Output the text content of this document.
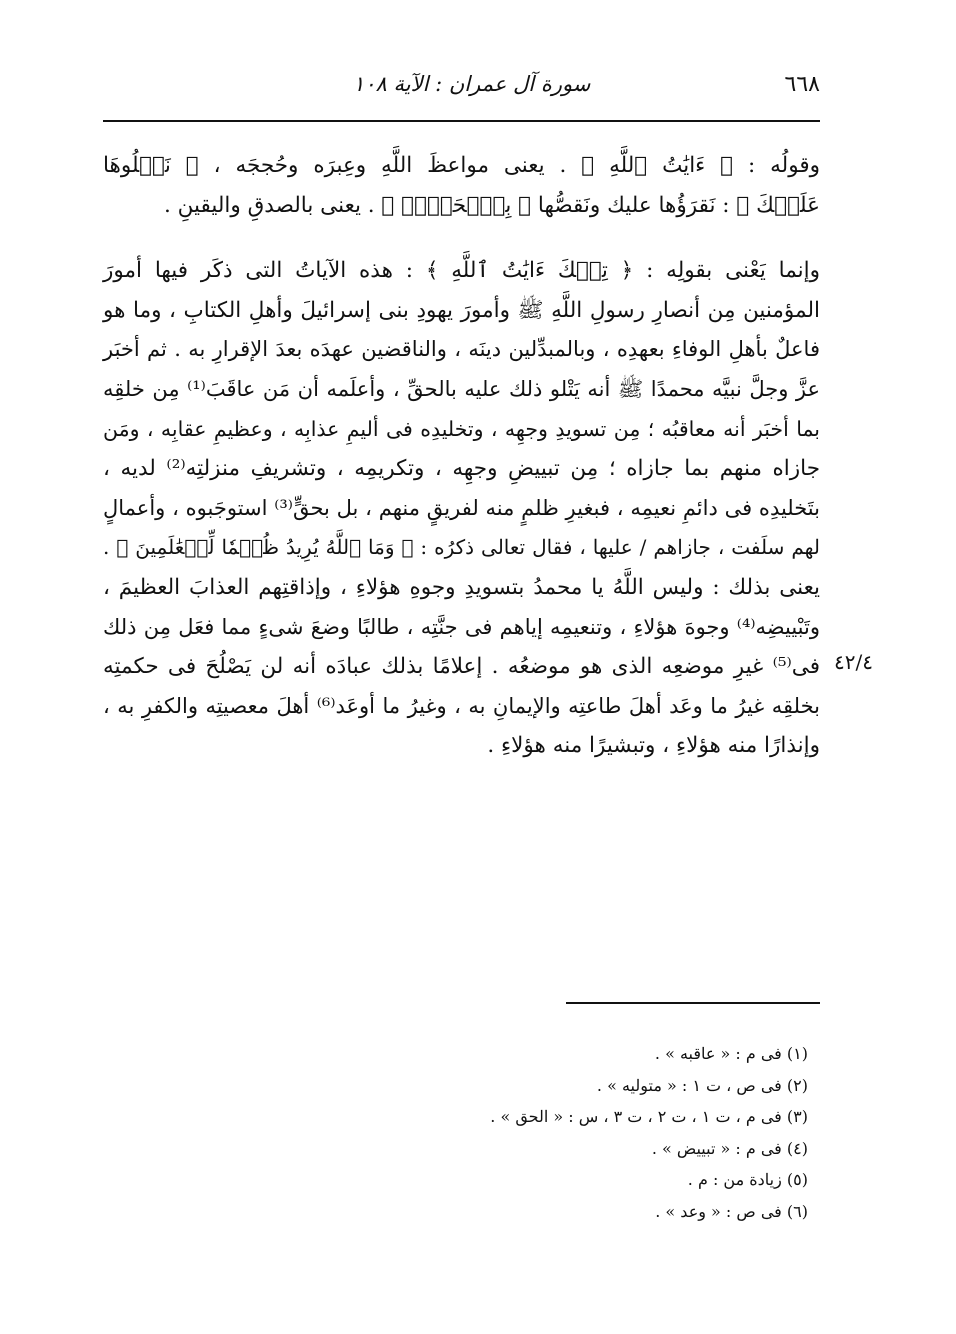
٦٦٨
سورة آل عمران : الآية ١٠٨

وقولُه : ﴿ ءَايَٰتُ ٱللَّهِ ﴾ . يعنى مواعظَ اللَّهِ وعِبرَه وحُججَه ، ﴿ نَتۡلُوهَا
عَلَيۡكَ ﴾ : نَقرَؤُها عليك ونَقصُّها ﴿ بِٱلۡحَقِّۗ ﴾ . يعنى بالصدقِ واليقينِ .

وإنما يَعْنى بقولِه : ﴿ تِلۡكَ ءَايَٰتُ ٱللَّهِ ﴾ : هذه الآياتُ التى ذكَر فيها أمورَ
المؤمنين مِن أنصارِ رسولِ اللَّهِ ﷺ وأمورَ يهودِ بنى إسرائيلَ وأهلِ الكتابِ ، وما هو
فاعلٌ بأهلِ الوفاءِ بعهدِه ، وبالمبدِّلين دينَه ، والناقضين عهدَه بعدَ الإقرارِ به . ثم أخبَر
عزَّ وجلَّ نبيَّه محمدًا ﷺ أنه يَتْلو ذلك عليه بالحقِّ ، وأعلَمه أن مَن عاقَبَ⁽¹⁾ مِن خلقِه
بما أخبَر أنه معاقبُه ؛ مِن تسويدِ وجهِه ، وتخليدِه فى أليمِ عذابِه ، وعظيمِ عقابِه ، ومَن
جازاه منهم بما جازاه ؛ مِن تبييضِ وجهِه ، وتكريمِه ، وتشريفِ منزلتِه⁽²⁾ لديه ،
بتَخليدِه فى دائمِ نعيمِه ، فبغيرِ ظلمٍ منه لفريقٍ منهم ، بل بحقٍّ⁽³⁾ استوجَبوه ، وأعمالٍ
لهم سلَفت ، جازاهم / عليها ، فقال تعالى ذكرُه : ﴿ وَمَا ٱللَّهُ يُرِيدُ ظُلۡمٗا لِّلۡعَٰلَمِينَ ﴾ .
يعنى بذلك : وليس اللَّهُ يا محمدُ بتسويدِ وجوهِ هؤلاءِ ، وإذاقتِهم العذابَ العظيمَ ،
وتَبْييضِه⁽⁴⁾ وجوهَ هؤلاءِ ، وتنعيمِه إياهم فى جنَّتِه ، طالبًا وضعَ شىءٍ مما فعَل مِن ذلك
فى⁽⁵⁾ غيرِ موضعِه الذى هو موضعُه . إعلامًا بذلك عبادَه أنه لن يَصْلُحَ فى حكمتِه
بخلقِه غيرُ ما وعَد أهلَ طاعتِه والإيمانِ به ، وغيرُ ما أوعَد⁽⁶⁾ أهلَ معصيتِه والكفرِ به ،
وإنذارًا منه هؤلاءِ ، وتبشيرًا منه هؤلاءِ .

٤٢/٤
(١) فى م : « عاقبه » .
(٢) فى ص ، ت ١ : « متوليه » .
(٣) فى م ، ت ١ ، ت ٢ ، ت ٣ ، س : « الحق » .
(٤) فى م : « تبييض » .
(٥) زيادة من : م .
(٦) فى ص : « وعد » .
